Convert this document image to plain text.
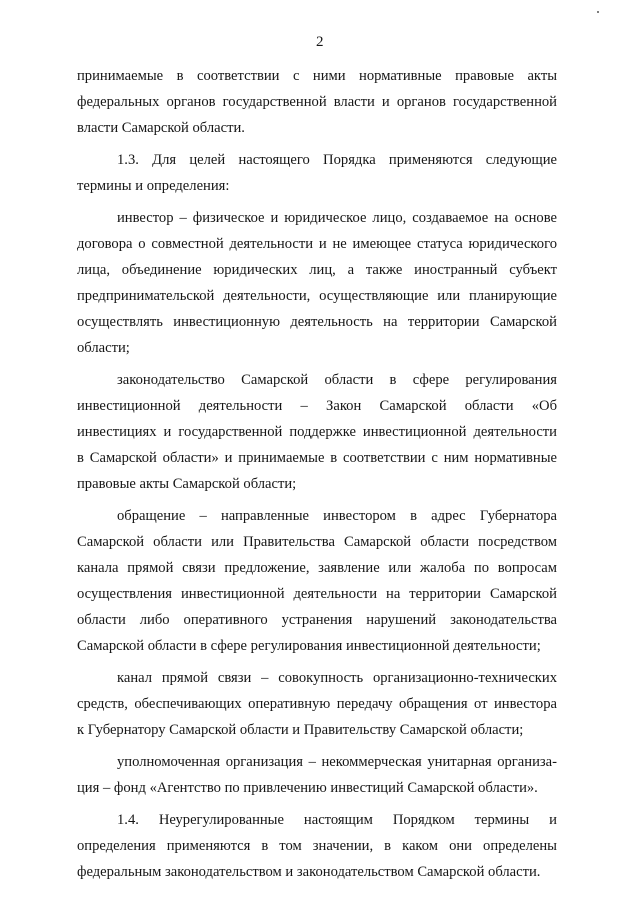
2
принимаемые в соответствии с ними нормативные правовые акты
федеральных органов государственной власти и органов государственной
власти Самарской области.
1.3. Для целей настоящего Порядка применяются следующие
термины и определения:
инвестор – физическое и юридическое лицо, создаваемое на основе
договора о совместной деятельности и не имеющее статуса юридического
лица, объединение юридических лиц, а также иностранный субъект
предпринимательской деятельности, осуществляющие или планирующие
осуществлять инвестиционную деятельность на территории Самарской
области;
законодательство Самарской области в сфере регулирования
инвестиционной деятельности – Закон Самарской области «Об
инвестициях и государственной поддержке инвестиционной деятельности
в Самарской области» и принимаемые в соответствии с ним нормативные
правовые акты Самарской области;
обращение – направленные инвестором в адрес Губернатора
Самарской области или Правительства Самарской области посредством
канала прямой связи предложение, заявление или жалоба по вопросам
осуществления инвестиционной деятельности на территории Самарской
области либо оперативного устранения нарушений законодательства
Самарской области в сфере регулирования инвестиционной деятельности;
канал прямой связи – совокупность организационно-технических
средств, обеспечивающих оперативную передачу обращения от инвестора
к Губернатору Самарской области и Правительству Самарской области;
уполномоченная организация – некоммерческая унитарная организа-
ция – фонд «Агентство по привлечению инвестиций Самарской области».
1.4. Неурегулированные настоящим Порядком термины и
определения применяются в том значении, в каком они определены
федеральным законодательством и законодательством Самарской области.
